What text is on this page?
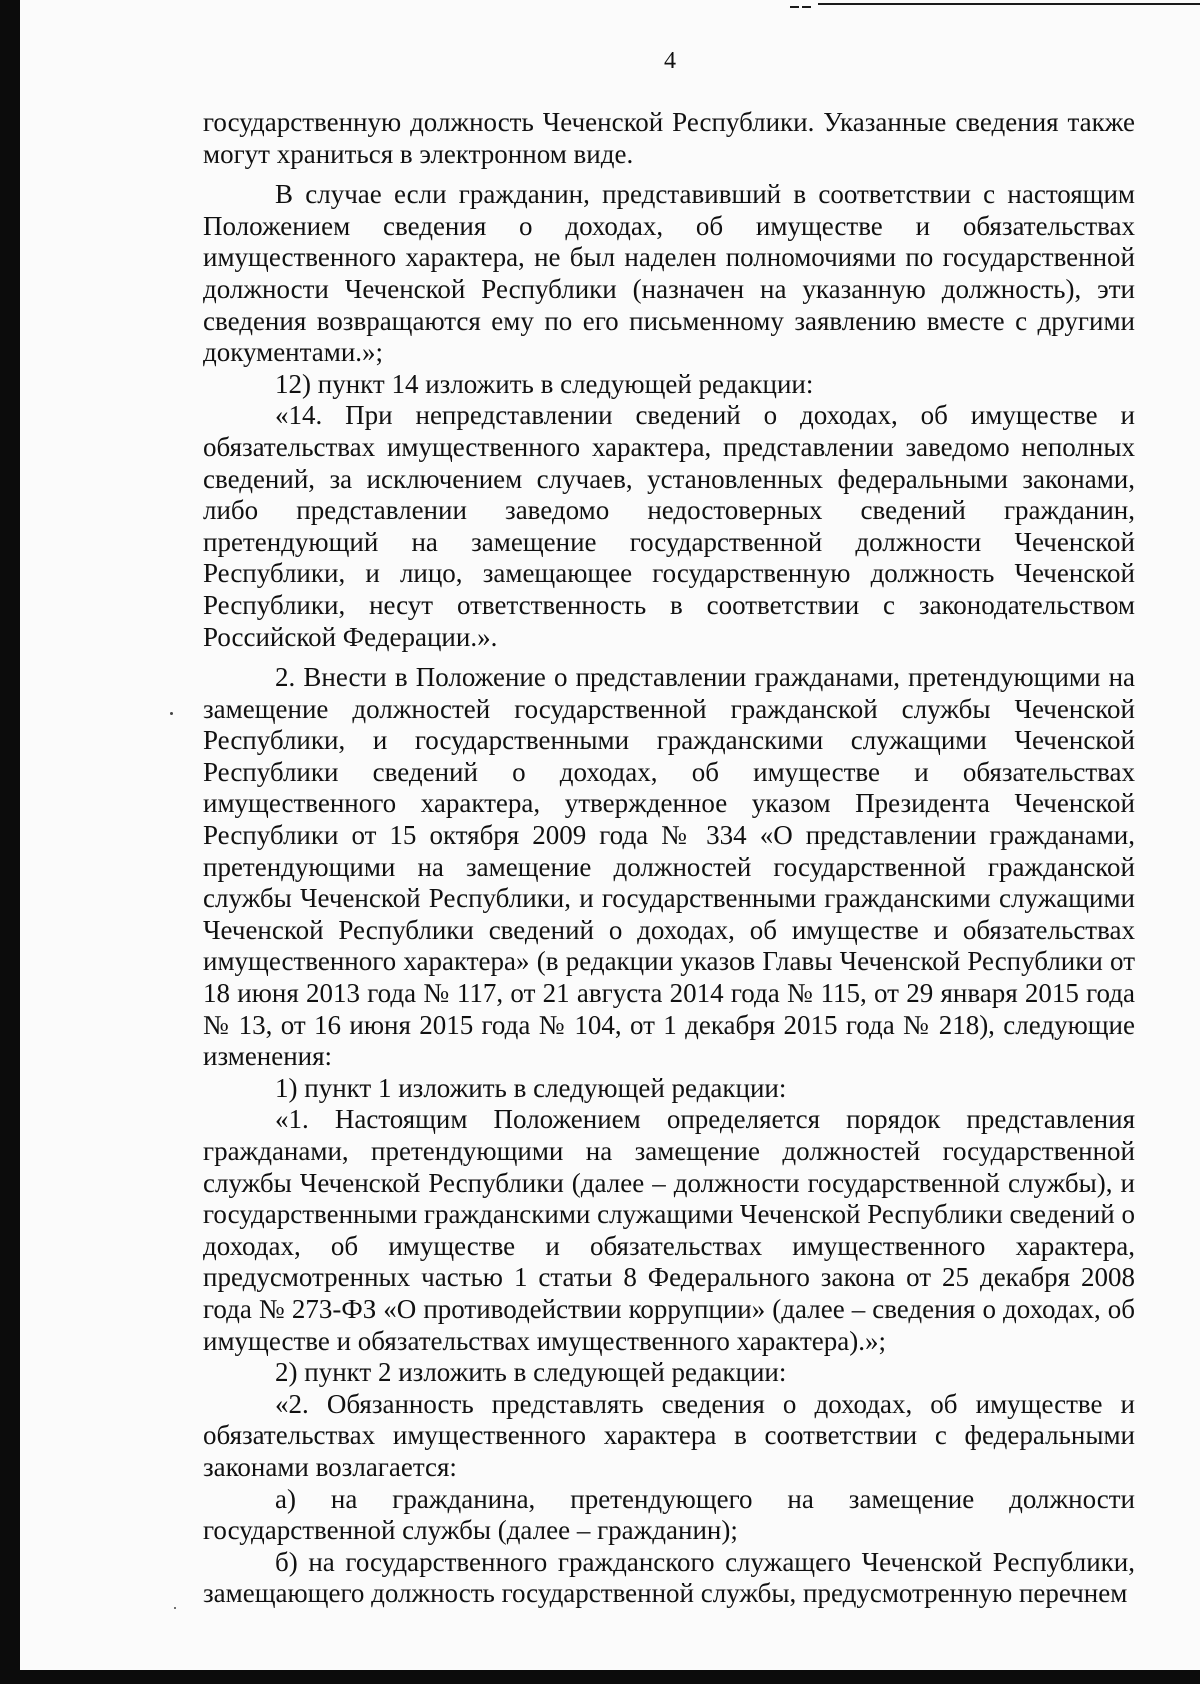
4

государственную должность Чеченской Республики. Указанные сведения также могут храниться в электронном виде.

В случае если гражданин, представивший в соответствии с настоящим Положением сведения о доходах, об имуществе и обязательствах имущественного характера, не был наделен полномочиями по государственной должности Чеченской Республики (назначен на указанную должность), эти сведения возвращаются ему по его письменному заявлению вместе с другими документами.»;

12) пункт 14 изложить в следующей редакции:

«14. При непредставлении сведений о доходах, об имуществе и обязательствах имущественного характера, представлении заведомо неполных сведений, за исключением случаев, установленных федеральными законами, либо представлении заведомо недостоверных сведений гражданин, претендующий на замещение государственной должности Чеченской Республики, и лицо, замещающее государственную должность Чеченской Республики, несут ответственность в соответствии с законодательством Российской Федерации.».

2. Внести в Положение о представлении гражданами, претендующими на замещение должностей государственной гражданской службы Чеченской Республики, и государственными гражданскими служащими Чеченской Республики сведений о доходах, об имуществе и обязательствах имущественного характера, утвержденное указом Президента Чеченской Республики от 15 октября 2009 года № 334 «О представлении гражданами, претендующими на замещение должностей государственной гражданской службы Чеченской Республики, и государственными гражданскими служащими Чеченской Республики сведений о доходах, об имуществе и обязательствах имущественного характера» (в редакции указов Главы Чеченской Республики от 18 июня 2013 года № 117, от 21 августа 2014 года № 115, от 29 января 2015 года № 13, от 16 июня 2015 года № 104, от 1 декабря 2015 года № 218), следующие изменения:

1) пункт 1 изложить в следующей редакции:

«1. Настоящим Положением определяется порядок представления гражданами, претендующими на замещение должностей государственной службы Чеченской Республики (далее – должности государственной службы), и государственными гражданскими служащими Чеченской Республики сведений о доходах, об имуществе и обязательствах имущественного характера, предусмотренных частью 1 статьи 8 Федерального закона от 25 декабря 2008 года № 273-ФЗ «О противодействии коррупции» (далее – сведения о доходах, об имуществе и обязательствах имущественного характера).»;

2) пункт 2 изложить в следующей редакции:

«2. Обязанность представлять сведения о доходах, об имуществе и обязательствах имущественного характера в соответствии с федеральными законами возлагается:

а) на гражданина, претендующего на замещение должности государственной службы (далее – гражданин);

б) на государственного гражданского служащего Чеченской Республики, замещающего должность государственной службы, предусмотренную перечнем
